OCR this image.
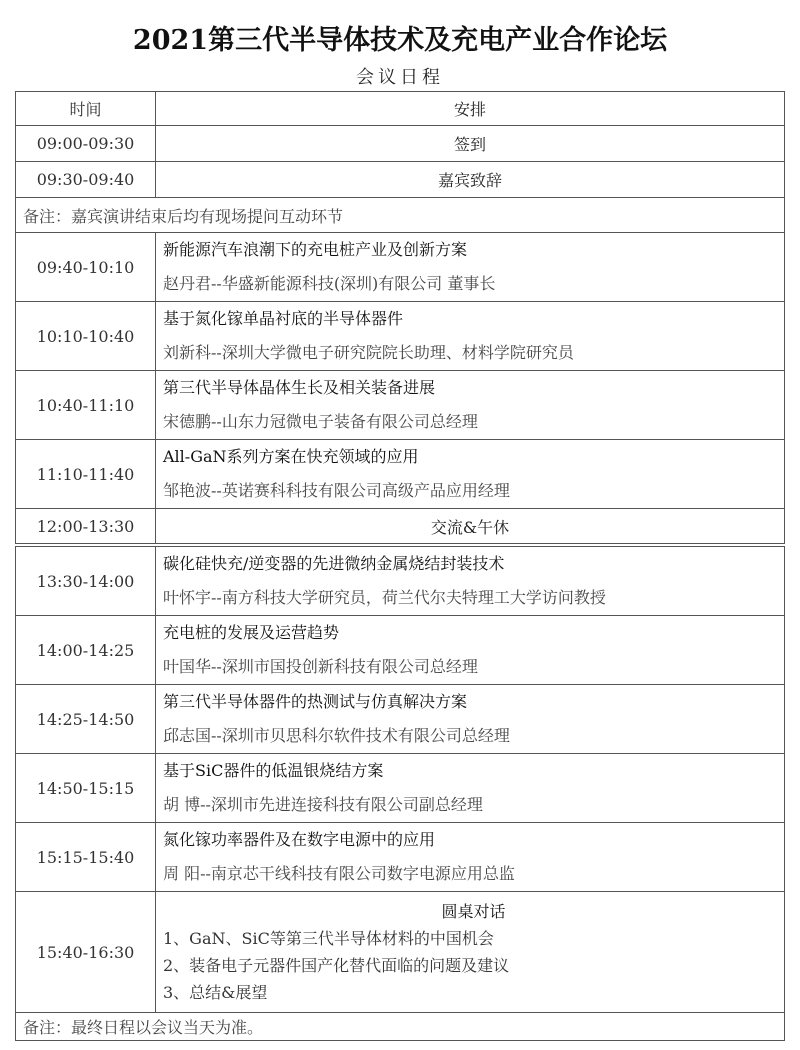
2021第三代半导体技术及充电产业合作论坛
会议日程
时间	安排
09:00-09:30	签到
09:30-09:40	嘉宾致辞
备注：嘉宾演讲结束后均有现场提问互动环节	
09:40-10:10	新能源汽车浪潮下的充电桩产业及创新方案
赵丹君--华盛新能源科技(深圳)有限公司 董事长

10:10-10:40	基于氮化镓单晶衬底的半导体器件
刘新科--深圳大学微电子研究院院长助理、材料学院研究员

10:40-11:10	第三代半导体晶体生长及相关装备进展
宋德鹏--山东力冠微电子装备有限公司总经理

11:10-11:40	All-GaN系列方案在快充领域的应用
邹艳波--英诺赛科科技有限公司高级产品应用经理

12:00-13:30	交流&午休
13:30-14:00	碳化硅快充/逆变器的先进微纳金属烧结封装技术
叶怀宇--南方科技大学研究员，荷兰代尔夫特理工大学访问教授

14:00-14:25	充电桩的发展及运营趋势
叶国华--深圳市国投创新科技有限公司总经理

14:25-14:50	第三代半导体器件的热测试与仿真解决方案
邱志国--深圳市贝思科尔软件技术有限公司总经理

14:50-15:15	基于SiC器件的低温银烧结方案
胡 博--深圳市先进连接科技有限公司副总经理

15:15-15:40	氮化镓功率器件及在数字电源中的应用
周 阳--南京芯干线科技有限公司数字电源应用总监

15:40-16:30	圆桌对话
1、GaN、SiC等第三代半导体材料的中国机会
2、装备电子元器件国产化替代面临的问题及建议
3、总结&展望

备注：最终日程以会议当天为准。	
